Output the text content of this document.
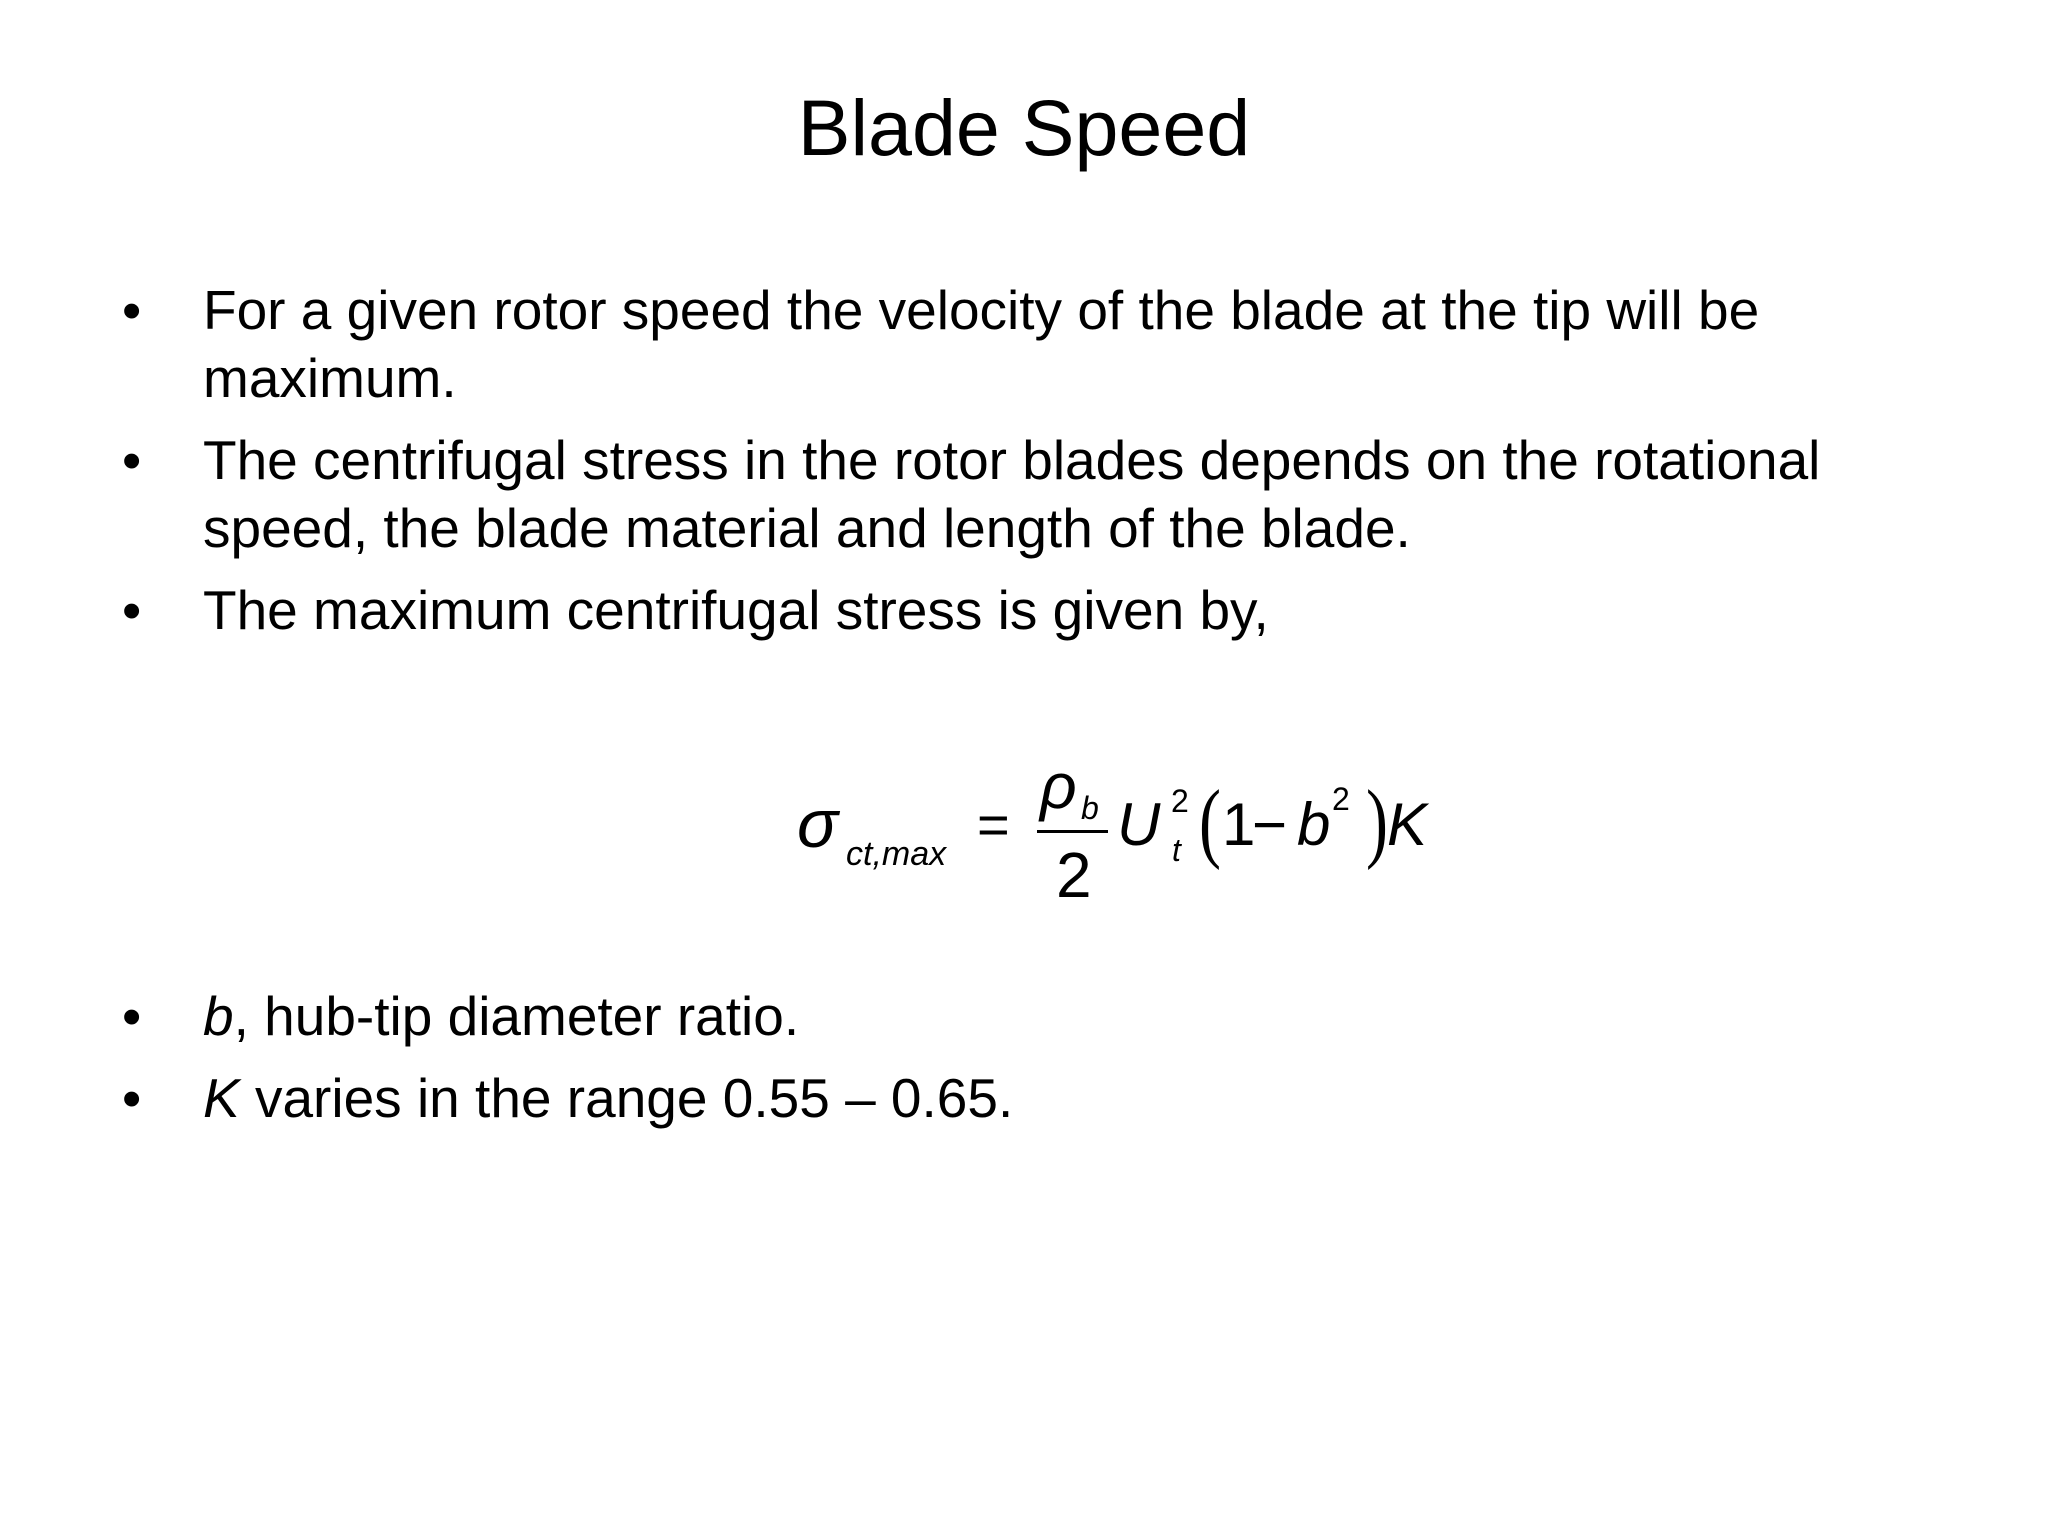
Blade Speed
• For a given rotor speed the velocity of the blade at the tip will be
maximum.
• The centrifugal stress in the rotor blades depends on the rotational
speed, the blade material and length of the blade.
• The maximum centrifugal stress is given by,
σ ct,max =
ρ b
2
U 2
t ( 1
− b 2 ) K
• b, hub-tip diameter ratio.
• K varies in the range 0.55 – 0.65.
